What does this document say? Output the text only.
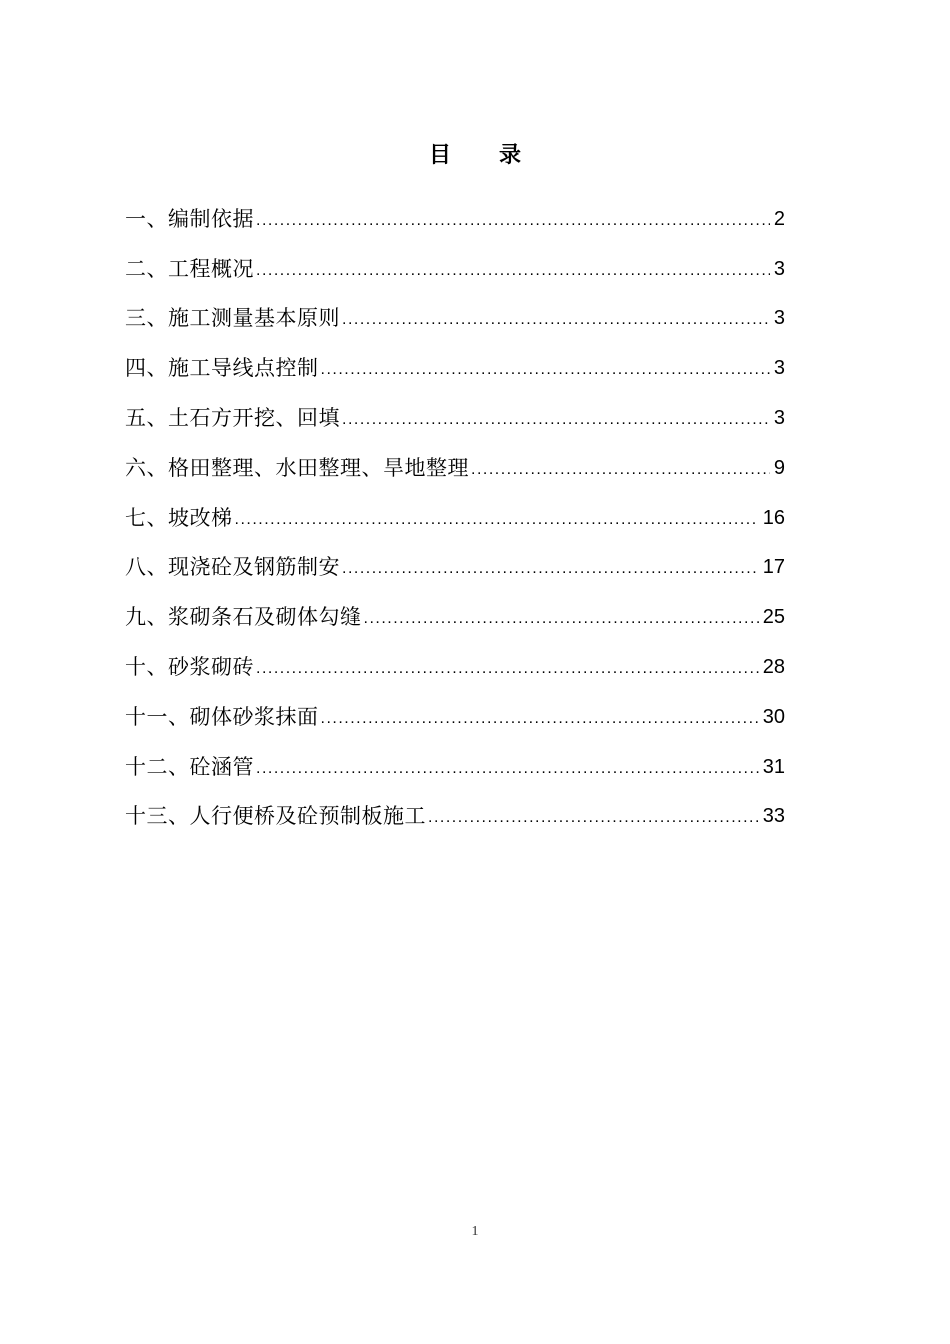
目 录
一、编制依据 .....	2
二、工程概况 .....	3
三、施工测量基本原则 .....	3
四、施工导线点控制 .....	3
五、土石方开挖、回填 .....	3
六、格田整理、水田整理、旱地整理 .....	9
七、坡改梯 .....	16
八、现浇砼及钢筋制安 .....	17
九、浆砌条石及砌体勾缝 .....	25
十、砂浆砌砖 .....	28
十一、砌体砂浆抹面 .....	30
十二、砼涵管 .....	31
十三、人行便桥及砼预制板施工 .....	33
1
